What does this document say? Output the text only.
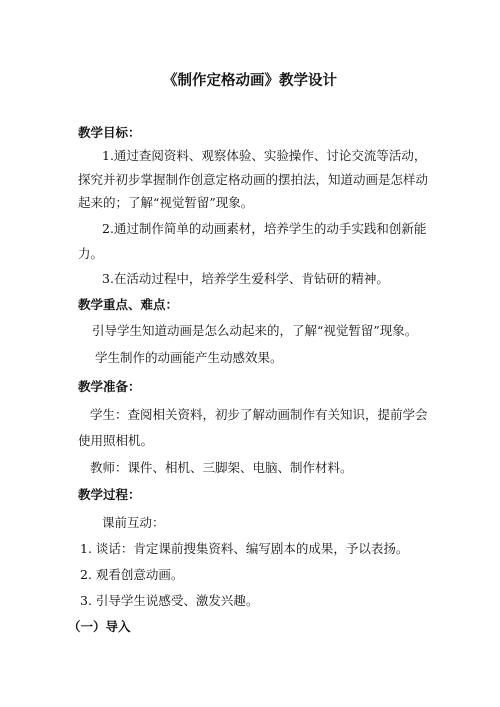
《制作定格动画》教学设计
教学目标：
1.通过查阅资料、观察体验、实验操作、讨论交流等活动，
探究并初步掌握制作创意定格动画的摆拍法，知道动画是怎样动
起来的；了解“视觉暂留”现象。
2.通过制作简单的动画素材，培养学生的动手实践和创新能
力。
3.在活动过程中，培养学生爱科学、肯钻研的精神。
教学重点、难点：
引导学生知道动画是怎么动起来的，了解“视觉暂留”现象。
学生制作的动画能产生动感效果。
教学准备：
学生：查阅相关资料，初步了解动画制作有关知识，提前学会
使用照相机。
教师：课件、相机、三脚架、电脑、制作材料。
教学过程：
课前互动：
1. 谈话：肯定课前搜集资料、编写剧本的成果，予以表扬。
2. 观看创意动画。
3. 引导学生说感受、激发兴趣。
（一）导入
